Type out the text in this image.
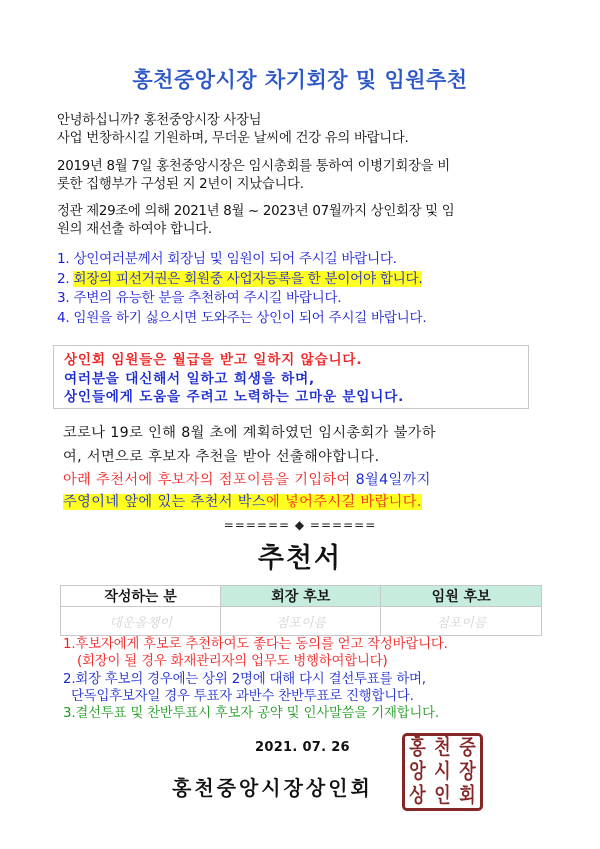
홍천중앙시장 차기회장 및 임원추천
안녕하십니까? 홍천중앙시장 사장님
사업 번창하시길 기원하며, 무더운 날씨에 건강 유의 바랍니다.
2019년 8월 7일 홍천중앙시장은 임시총회를 통하여 이병기회장을 비
롯한 집행부가 구성된 지 2년이 지났습니다.
정관 제29조에 의해 2021년 8월 ~ 2023년 07월까지 상인회장 및 임
원의 재선출 하여야 합니다.
1. 상인여러분께서 회장님 및 임원이 되어 주시길 바랍니다.
2. 회장의 피선거권은 회원중 사업자등록을 한 분이어야 합니다.
3. 주변의 유능한 분을 추천하여 주시길 바랍니다.
4. 임원을 하기 싫으시면 도와주는 상인이 되어 주시길 바랍니다.
상인회 임원들은 월급을 받고 일하지 않습니다.
여러분을 대신해서 일하고 희생을 하며,
상인들에게 도움을 주려고 노력하는 고마운 분입니다.
코로나 19로 인해 8월 초에 계획하였던 임시총회가 불가하
여, 서면으로 후보자 추천을 받아 선출해야합니다.
아래 추천서에 후보자의 점포이름을 기입하여 8월4일까지
주영이네 앞에 있는 추천서 박스에 넣어주시길 바랍니다.
====== ◆ ======
추천서
작성하는 분	회장 후보	임원 후보
대운올챙이	점포이름	점포이름
1.후보자에게 후보로 추천하여도 좋다는 동의를 얻고 작성바랍니다.
(회장이 될 경우 화재관리자의 업무도 병행하여합니다)
2.회장 후보의 경우에는 상위 2명에 대해 다시 결선투표를 하며,
단독입후보자일 경우 투표자 과반수 찬반투표로 진행합니다.
3.결선투표 및 찬반투표시 후보자 공약 및 인사말씀을 기재합니다.
2021. 07. 26
홍천중앙시장상인회
홍 천 중
앙 시 장
상 인 회
